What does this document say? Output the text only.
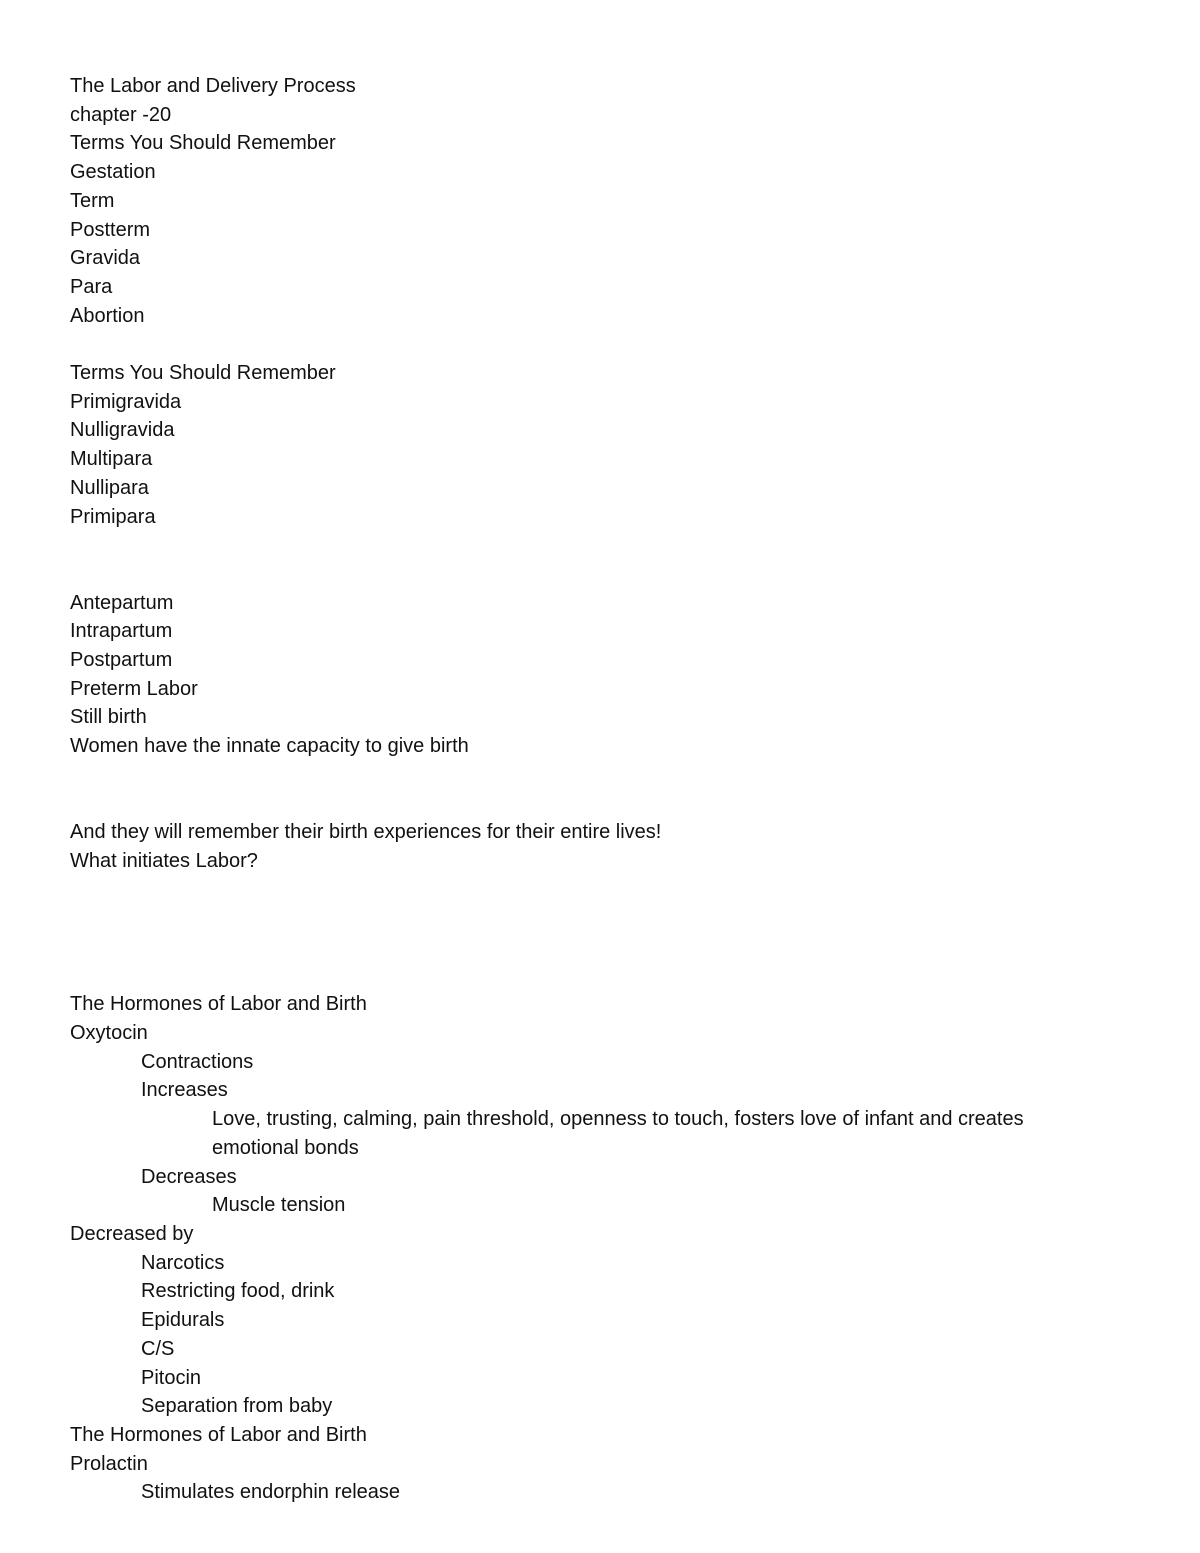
The Labor and Delivery Process
chapter -20
Terms You Should Remember
Gestation
Term
Postterm
Gravida
Para
Abortion
Terms You Should Remember
Primigravida
Nulligravida
Multipara
Nullipara
Primipara
Antepartum
Intrapartum
Postpartum
Preterm Labor
Still birth
Women have the innate capacity to give birth
And they will remember their birth experiences for their entire lives!
What initiates Labor?
The Hormones of Labor and Birth
Oxytocin
Contractions
Increases
Love, trusting, calming, pain threshold, openness to touch, fosters love of infant and creates emotional bonds
Decreases
Muscle tension
Decreased by
Narcotics
Restricting food, drink
Epidurals
C/S
Pitocin
Separation from baby
The Hormones of Labor and Birth
Prolactin
Stimulates endorphin release
